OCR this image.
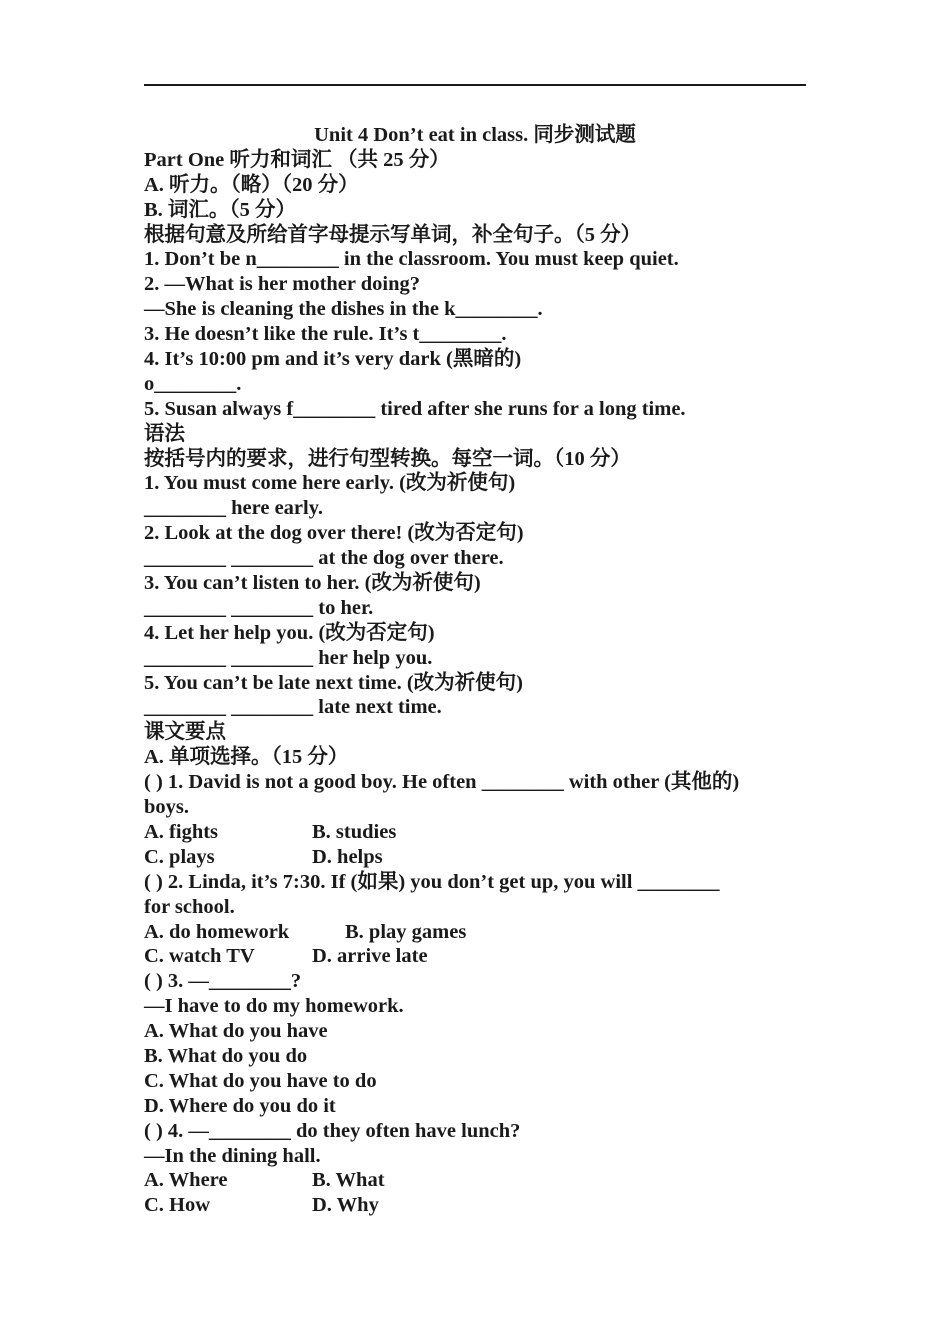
Unit 4 Don’t eat in class. 同步测试题
Part One 听力和词汇 （共 25 分）
A. 听力。（略）（20 分）
B. 词汇。（5 分）
根据句意及所给首字母提示写单词，补全句子。（5 分）
1. Don’t be n________ in the classroom. You must keep quiet.
2. —What is her mother doing?
—She is cleaning the dishes in the k________.
3. He doesn’t like the rule. It’s t________.
4. It’s 10:00 pm and it’s very dark (黑暗的)
o________.
5. Susan always f________ tired after she runs for a long time.
语法
按括号内的要求，进行句型转换。每空一词。（10 分）
1. You must come here early. (改为祈使句)
________ here early.
2. Look at the dog over there! (改为否定句)
________ ________ at the dog over there.
3. You can’t listen to her. (改为祈使句)
________ ________ to her.
4. Let her help you. (改为否定句)
________ ________ her help you.
5. You can’t be late next time. (改为祈使句)
________ ________ late next time.
课文要点
A. 单项选择。（15 分）
( ) 1. David is not a good boy. He often ________ with other (其他的)
boys.
A. fights	B. studies
C. plays	D. helps
( ) 2. Linda, it’s 7:30. If (如果) you don’t get up, you will ________
for school.
A. do homework	B. play games
C. watch TV	D. arrive late
( ) 3. —________?
—I have to do my homework.
A. What do you have
B. What do you do
C. What do you have to do
D. Where do you do it
( ) 4. —________ do they often have lunch?
—In the dining hall.
A. Where	B. What
C. How	D. Why
